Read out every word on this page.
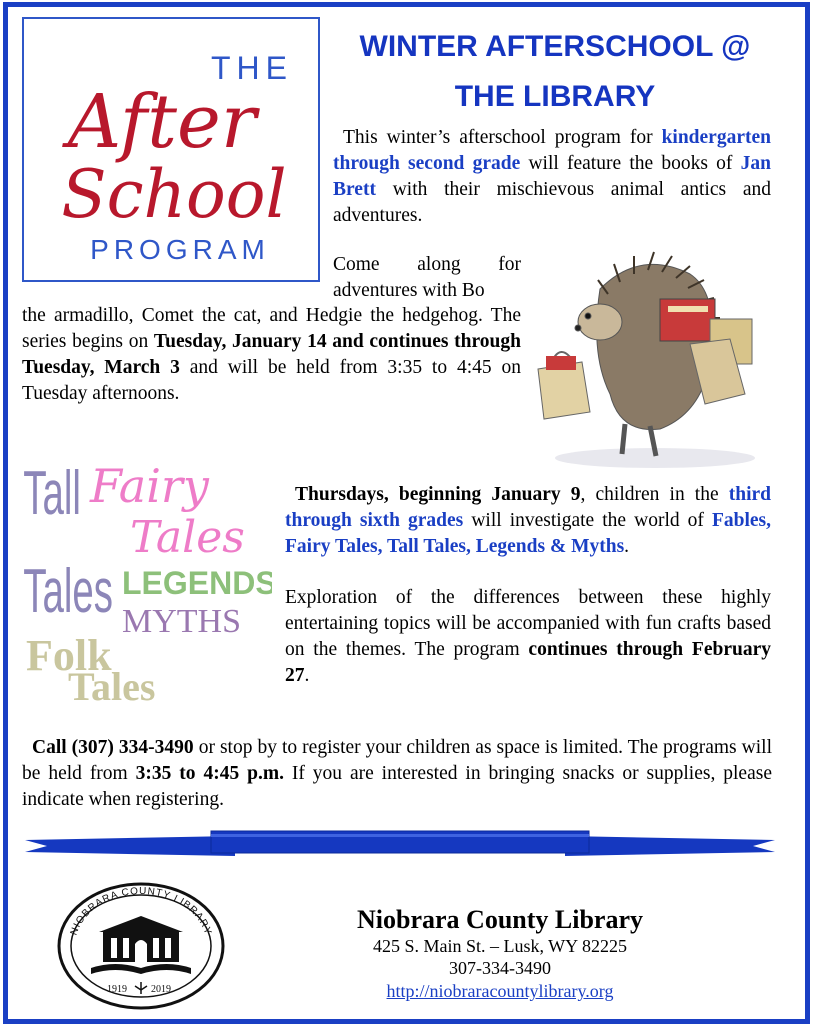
THE
After
School
PROGRAM
WINTER AFTERSCHOOL @
THE LIBRARY
This winter’s afterschool program for kindergarten through second grade will feature the books of Jan Brett with their mischievous animal antics and adventures.
Come along for adventures with Bo
the armadillo, Comet the cat, and Hedgie the hedgehog. The series begins on Tuesday, January 14 and continues through Tuesday, March 3 and will be held from 3:35 to 4:45 on Tuesday afternoons.
Tall
Tales
Fairy
Tales
LEGENDS
MYTHS
Folk
Tales
Thursdays, beginning January 9, children in the third through sixth grades will investigate the world of Fables, Fairy Tales, Tall Tales, Legends & Myths.
Exploration of the differences between these highly entertaining topics will be accompanied with fun crafts based on the themes. The program continues through February 27.
Call (307) 334-3490 or stop by to register your children as space is limited. The programs will be held from 3:35 to 4:45 p.m. If you are interested in bringing snacks or supplies, please indicate when registering.
NIOBRARA COUNTY LIBRARY
1919 2019
Niobrara County Library
425 S. Main St. – Lusk, WY 82225
307-334-3490
http://niobraracountylibrary.org
